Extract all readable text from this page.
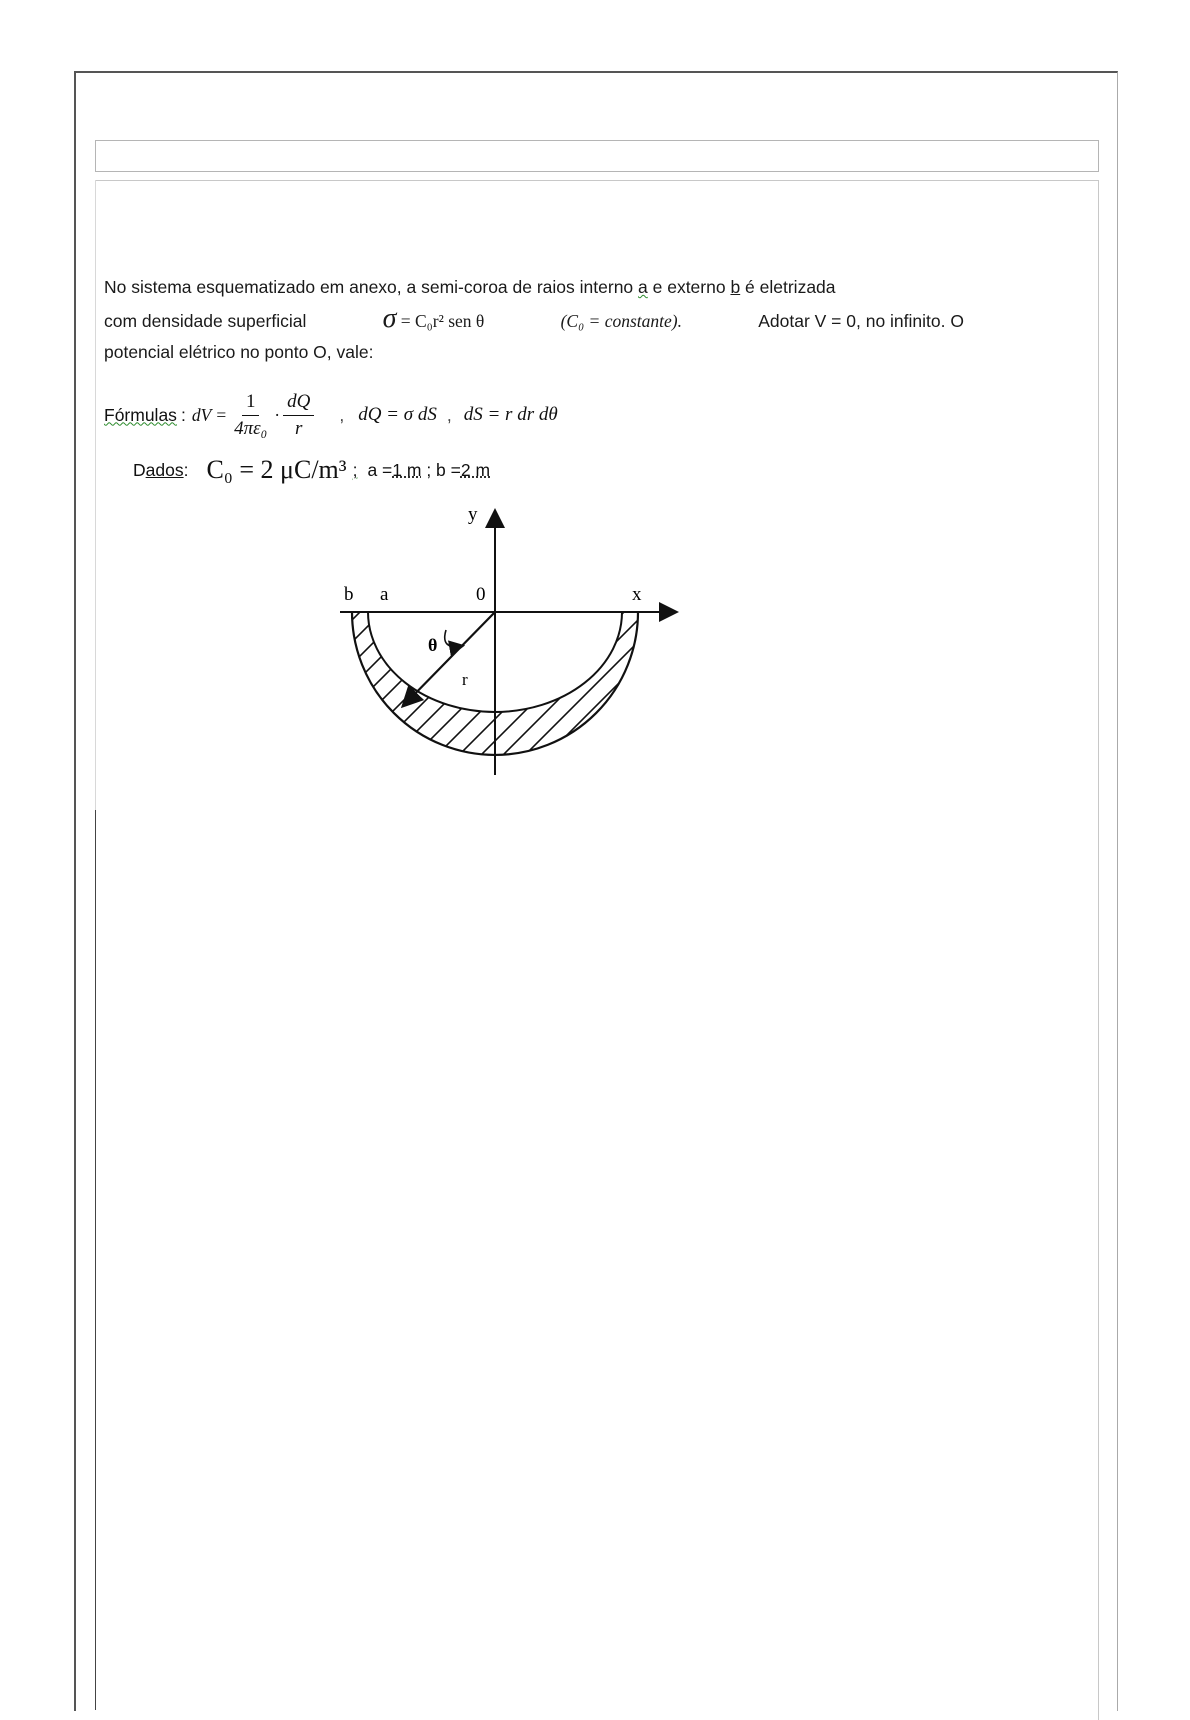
No sistema esquematizado em anexo, a semi-coroa de raios interno a e externo b é eletrizada
com densidade superficial	σ = C₀r² sen θ	(C₀ = constante).	Adotar V = 0, no infinito. O
potencial elétrico no ponto O, vale:
Fórmulas : dV = $\frac{1}{\text{4πε₀}} \cdot \frac{dQ}{r}$ , dQ = σ dS , dS = r dr dθ
Dados: C₀ = 2 μC/m³ ; a = 1 m ; b = 2 m
y
x
b a	0
θ
r
